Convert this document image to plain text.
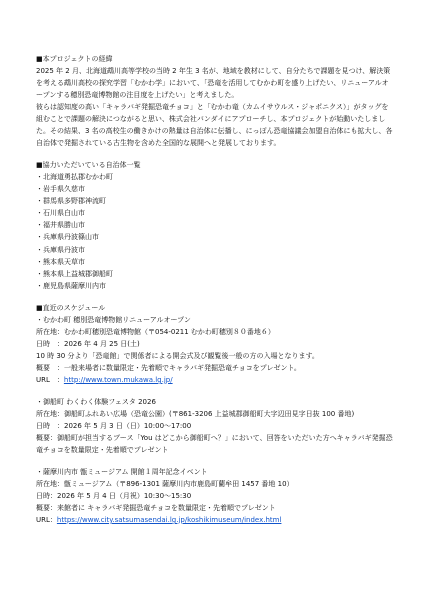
■本プロジェクトの経緯

2025 年 2 月、北海道鵡川高等学校の当時 2 年生 3 名が、地域を教材にして、自分たちで課題を見つけ、解決策を考える鵡川高校の探究学習「むかわ学」において、「恐竜を活用してむかわ町を盛り上げたい、リニューアルオープンする穂別恐竜博物館の注目度を上げたい」と考えました。
彼らは認知度の高い「キャラバギ発掘恐竜チョコ」と「むかわ竜（カムイサウルス・ジャポニクス）」がタッグを組むことで課題の解決につながると思い、株式会社バンダイにアプローチし、本プロジェクトが始動いたしました。その結果、3 名の高校生の働きかけの熱量は自治体に伝播し、にっぽん恐竜協議会加盟自治体にも拡大し、各自治体で発掘されている古生物を含めた全国的な展開へと発展しております。

■協力いただいている自治体一覧

・北海道勇払郡むかわ町
・岩手県久慈市
・群馬県多野郡神流町
・石川県白山市
・福井県勝山市
・兵庫県丹波篠山市
・兵庫県丹波市
・熊本県天草市
・熊本県上益城郡御船町
・鹿児島県薩摩川内市

■直近のスケジュール

・むかわ町 穂別恐竜博物館リニューアルオープン
所在地：むかわ町穂別恐竜博物館（〒054-0211 むかわ町穂別８０番地６）
日時　：2026 年 4 月 25 日(土)
10 時 30 分より「恐竜館」で関係者による開会式及び観覧後一般の方の入場となります。
概要　：一般来場者に数量限定・先着順でキャラバギ発掘恐竜チョコをプレゼント。
URL　：http://www.town.mukawa.lg.jp/
・御船町 わくわく体験フェスタ 2026
所在地：御船町ふれあい広場（恐竜公園）(〒861-3206 上益城郡御船町大字辺田見字日抜 100 番地)
日時　：2026 年 5 月 3 日（日）10:00～17:00
概要：御船町が担当するブース「You はどこから御船町へ？」において、回答をいただいた方へキャラバギ発掘恐竜チョコを数量限定・先着順でプレゼント
・薩摩川内市 甑ミュージアム 開館１周年記念イベント
所在地：甑ミュージアム（〒896-1301 薩摩川内市鹿島町藺牟田 1457 番地 10）
日時：2026 年 5 月 4 日（月祝）10:30～15:30
概要：来館者に キャラバギ発掘恐竜チョコを数量限定・先着順でプレゼント
URL：https://www.city.satsumasendai.lg.jp/koshikimuseum/index.html
